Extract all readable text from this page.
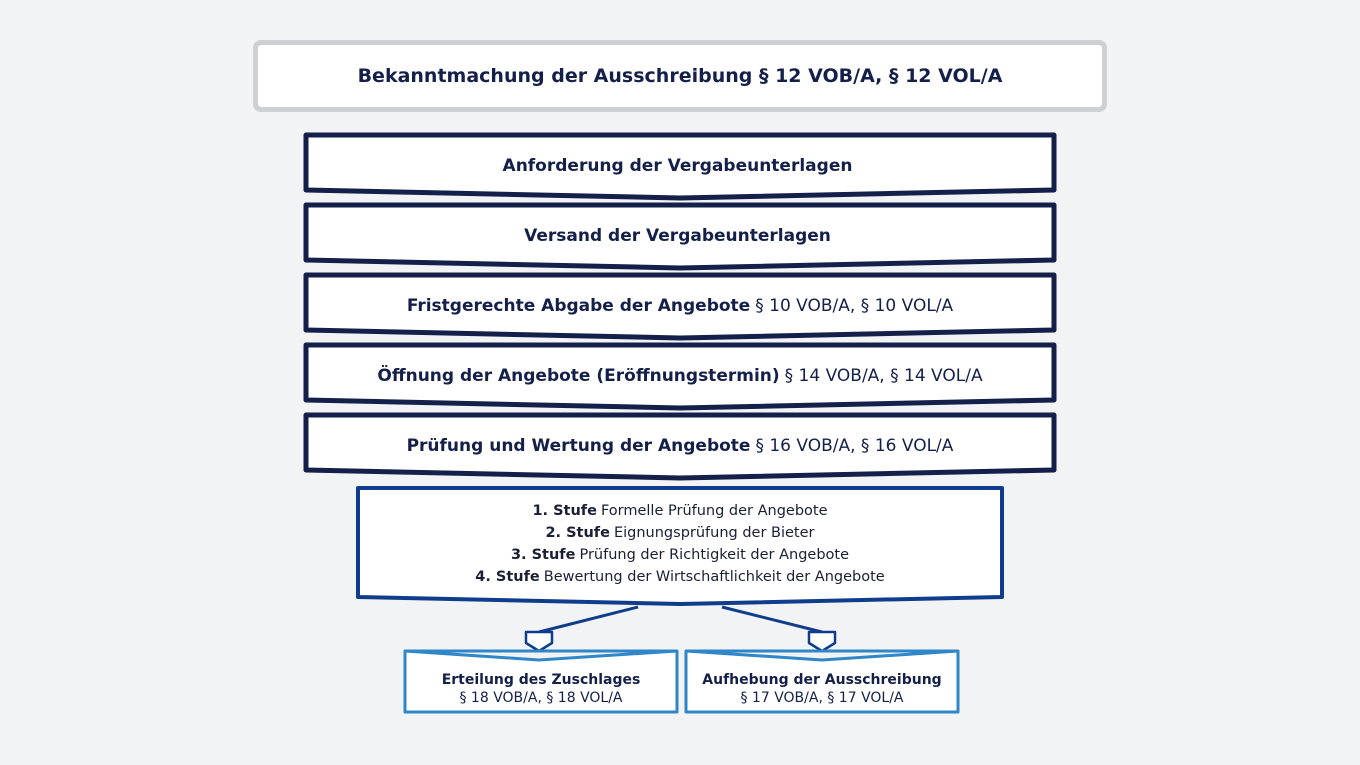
Bekanntmachung der Ausschreibung § 12 VOB/A, § 12 VOL/A
Anforderung der Vergabeunterlagen
Versand der Vergabeunterlagen
Fristgerechte Abgabe der Angebote § 10 VOB/A, § 10 VOL/A
Öffnung der Angebote (Eröffnungstermin) § 14 VOB/A, § 14 VOL/A
Prüfung und Wertung der Angebote § 16 VOB/A, § 16 VOL/A
1. Stufe Formelle Prüfung der Angebote
2. Stufe Eignungsprüfung der Bieter
3. Stufe Prüfung der Richtigkeit der Angebote
4. Stufe Bewertung der Wirtschaftlichkeit der Angebote
Erteilung des Zuschlages
§ 18 VOB/A, § 18 VOL/A
Aufhebung der Ausschreibung
§ 17 VOB/A, § 17 VOL/A
